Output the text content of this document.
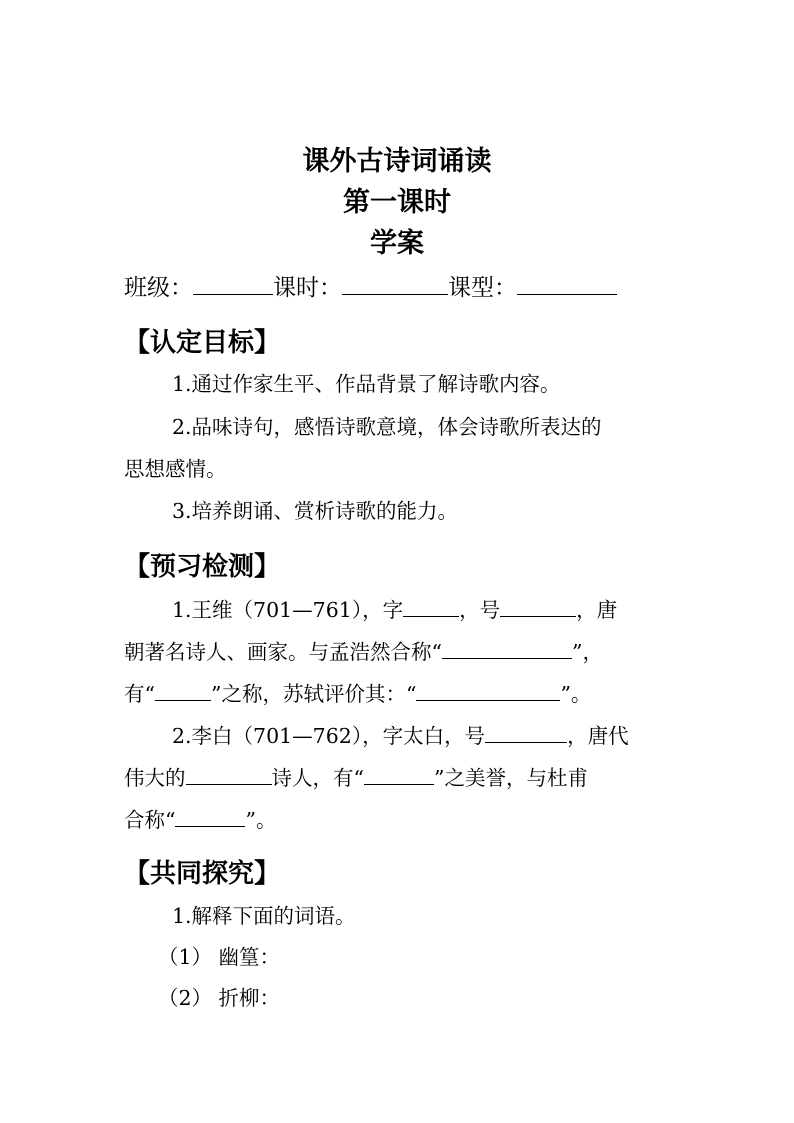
课外古诗词诵读
第一课时
学案
班级：	课时：	课型：
【认定目标】
1.通过作家生平、作品背景了解诗歌内容。
2.品味诗句，感悟诗歌意境，体会诗歌所表达的
思想感情。
3.培养朗诵、赏析诗歌的能力。
【预习检测】
1.王维（701—761），字	，号	，唐
朝著名诗人、画家。与孟浩然合称“	”，
有“	”之称，苏轼评价其：“	”。
2.李白（701—762），字太白，号	，唐代
伟大的	诗人，有“	”之美誉，与杜甫
合称“	”。
【共同探究】
1.解释下面的词语。
（1） 幽篁：
（2） 折柳：
